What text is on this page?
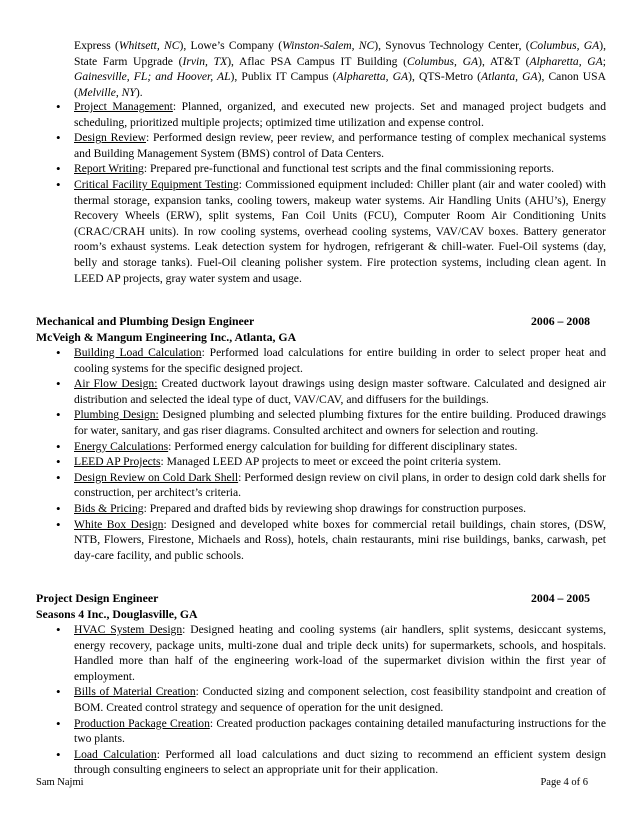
Express (Whitsett, NC), Lowe’s Company (Winston-Salem, NC), Synovus Technology Center, (Columbus, GA), State Farm Upgrade (Irvin, TX), Aflac PSA Campus IT Building (Columbus, GA), AT&T (Alpharetta, GA; Gainesville, FL; and Hoover, AL), Publix IT Campus (Alpharetta, GA), QTS-Metro (Atlanta, GA), Canon USA (Melville, NY).

• Project Management: Planned, organized, and executed new projects. Set and managed project budgets and scheduling, prioritized multiple projects; optimized time utilization and expense control.
• Design Review: Performed design review, peer review, and performance testing of complex mechanical systems and Building Management System (BMS) control of Data Centers.
• Report Writing: Prepared pre-functional and functional test scripts and the final commissioning reports.
• Critical Facility Equipment Testing: Commissioned equipment included: Chiller plant (air and water cooled) with thermal storage, expansion tanks, cooling towers, makeup water systems. Air Handling Units (AHU’s), Energy Recovery Wheels (ERW), split systems, Fan Coil Units (FCU), Computer Room Air Conditioning Units (CRAC/CRAH units). In row cooling systems, overhead cooling systems, VAV/CAV boxes. Battery generator room’s exhaust systems. Leak detection system for hydrogen, refrigerant & chill-water. Fuel-Oil systems (day, belly and storage tanks). Fuel-Oil cleaning polisher system. Fire protection systems, including clean agent. In LEED AP projects, gray water system and usage.
Mechanical and Plumbing Design Engineer	2006 – 2008
McVeigh & Mangum Engineering Inc., Atlanta, GA
• Building Load Calculation: Performed load calculations for entire building in order to select proper heat and cooling systems for the specific designed project.
• Air Flow Design: Created ductwork layout drawings using design master software. Calculated and designed air distribution and selected the ideal type of duct, VAV/CAV, and diffusers for the buildings.
• Plumbing Design: Designed plumbing and selected plumbing fixtures for the entire building. Produced drawings for water, sanitary, and gas riser diagrams. Consulted architect and owners for selection and routing.
• Energy Calculations: Performed energy calculation for building for different disciplinary states.
• LEED AP Projects: Managed LEED AP projects to meet or exceed the point criteria system.
• Design Review on Cold Dark Shell: Performed design review on civil plans, in order to design cold dark shells for construction, per architect’s criteria.
• Bids & Pricing: Prepared and drafted bids by reviewing shop drawings for construction purposes.
• White Box Design: Designed and developed white boxes for commercial retail buildings, chain stores, (DSW, NTB, Flowers, Firestone, Michaels and Ross), hotels, chain restaurants, mini rise buildings, banks, carwash, pet day-care facility, and public schools.
Project Design Engineer	2004 – 2005
Seasons 4 Inc., Douglasville, GA
• HVAC System Design: Designed heating and cooling systems (air handlers, split systems, desiccant systems, energy recovery, package units, multi-zone dual and triple deck units) for supermarkets, schools, and hospitals. Handled more than half of the engineering work-load of the supermarket division within the first year of employment.
• Bills of Material Creation: Conducted sizing and component selection, cost feasibility standpoint and creation of BOM. Created control strategy and sequence of operation for the unit designed.
• Production Package Creation: Created production packages containing detailed manufacturing instructions for the two plants.
• Load Calculation: Performed all load calculations and duct sizing to recommend an efficient system design through consulting engineers to select an appropriate unit for their application.
Sam Najmi	Page 4 of 6
